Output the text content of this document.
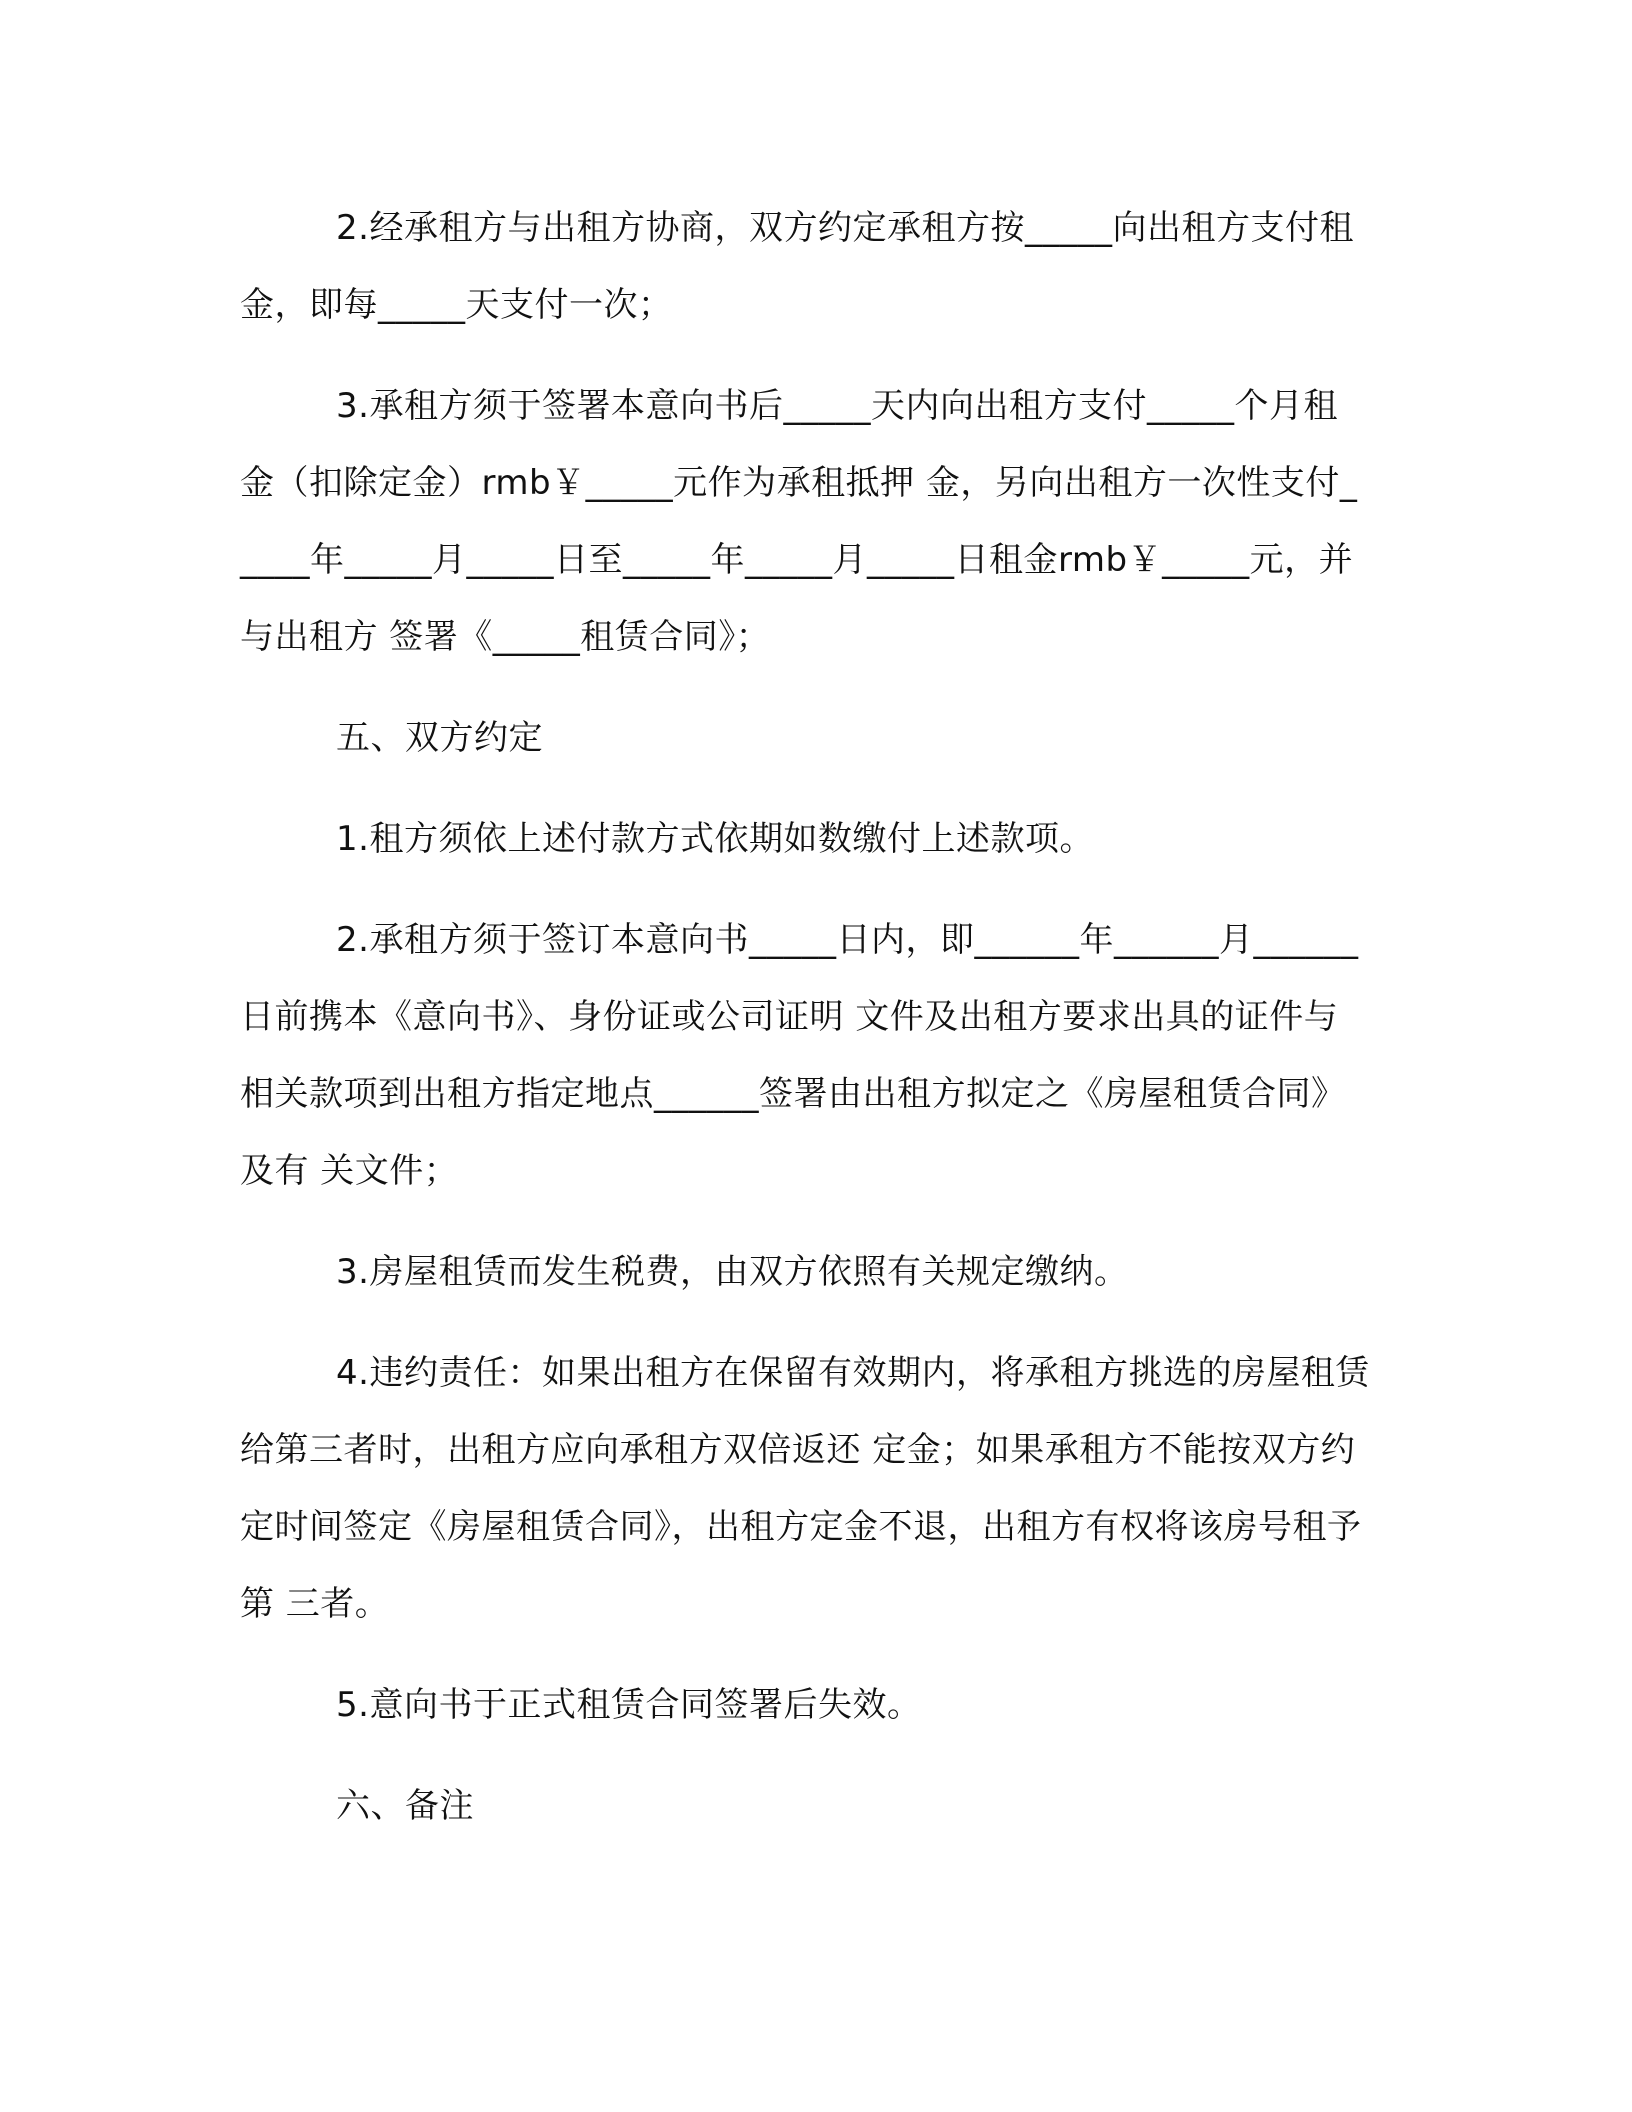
2.经承租方与出租方协商，双方约定承租方按_____向出租方支付租金，即每_____天支付一次；

3.承租方须于签署本意向书后_____天内向出租方支付_____个月租金（扣除定金）rmb￥_____元作为承租抵押 金，另向出租方一次性支付_____年_____月_____日至_____年_____月_____日租金rmb￥_____元，并与出租方 签署《_____租赁合同》；

五、双方约定

1.租方须依上述付款方式依期如数缴付上述款项。

2.承租方须于签订本意向书_____日内，即______年______月______日前携本《意向书》、身份证或公司证明 文件及出租方要求出具的证件与相关款项到出租方指定地点______签署由出租方拟定之《房屋租赁合同》及有 关文件；

3.房屋租赁而发生税费，由双方依照有关规定缴纳。

4.违约责任：如果出租方在保留有效期内，将承租方挑选的房屋租赁给第三者时，出租方应向承租方双倍返还 定金；如果承租方不能按双方约定时间签定《房屋租赁合同》，出租方定金不退，出租方有权将该房号租予第 三者。

5.意向书于正式租赁合同签署后失效。

六、备注
